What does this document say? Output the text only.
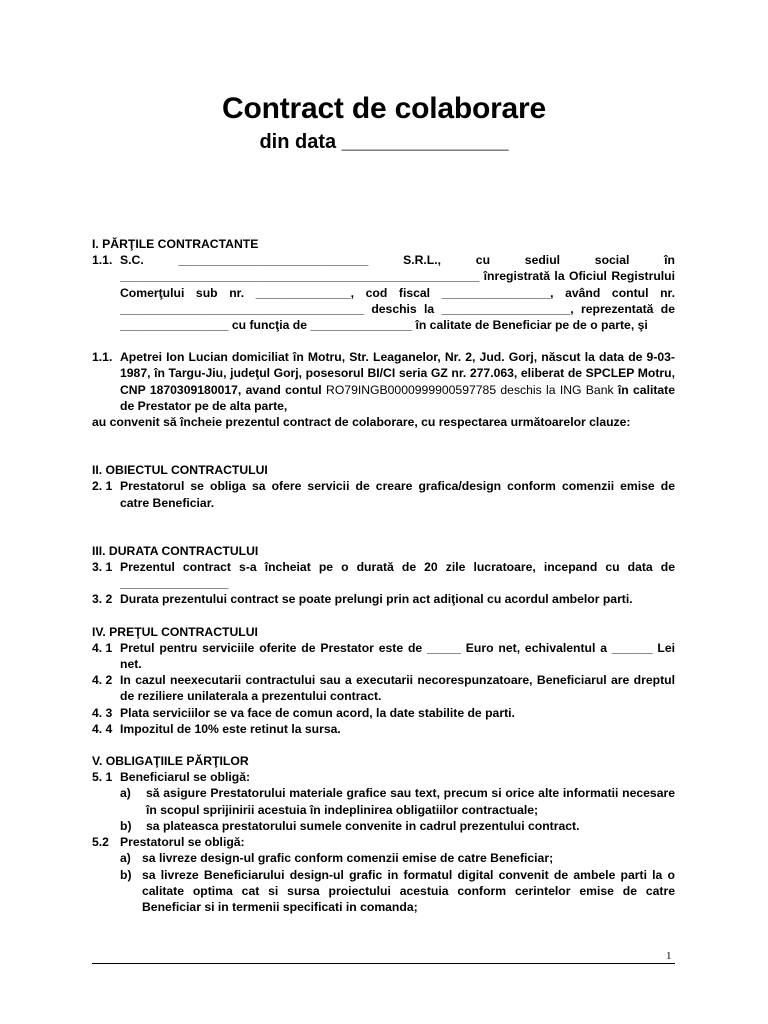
Contract de colaborare
din data _______________

I. PĂRŢILE CONTRACTANTE

1.1. S.C. ____________________________ S.R.L., cu sediul social în _____________________________________________________ înregistrată la Oficiul Registrului Comerţului sub nr. ______________, cod fiscal ________________, având contul nr. ____________________________________ deschis la ___________________, reprezentată de ________________ cu funcţia de _______________ în calitate de Beneficiar pe de o parte, şi
1.1. Apetrei Ion Lucian domiciliat în Motru, Str. Leaganelor, Nr. 2, Jud. Gorj, născut la data de 9-03-1987, în Targu-Jiu, judeţul Gorj, posesorul BI/CI seria GZ nr. 277.063, eliberat de SPCLEP Motru, CNP 1870309180017, avand contul RO79INGB0000999900597785 deschis la ING Bank în calitate de Prestator pe de alta parte,

au convenit să încheie prezentul contract de colaborare, cu respectarea următoarelor clauze:

II. OBIECTUL CONTRACTULUI

2. 1 Prestatorul se obliga sa ofere servicii de creare grafica/design conform comenzii emise de catre Beneficiar.

III. DURATA CONTRACTULUI

3. 1 Prezentul contract s-a încheiat pe o durată de 20 zile lucratoare, incepand cu data de ________________
3. 2 Durata prezentului contract se poate prelungi prin act adiţional cu acordul ambelor parti.

IV. PREŢUL CONTRACTULUI

4. 1 Pretul pentru serviciile oferite de Prestator este de _____ Euro net, echivalentul a ______ Lei net.
4. 2 In cazul neexecutarii contractului sau a executarii necorespunzatoare, Beneficiarul are dreptul de reziliere unilaterala a prezentului contract.
4. 3 Plata serviciilor se va face de comun acord, la date stabilite de parti.
4. 4 Impozitul de 10% este retinut la sursa.

V. OBLIGAŢIILE PĂRŢILOR

5. 1 Beneficiarul se obligă:
a) să asigure Prestatorului materiale grafice sau text, precum si orice alte informatii necesare în scopul sprijinirii acestuia în indeplinirea obligatiilor contractuale;
b) sa plateasca prestatorului sumele convenite in cadrul prezentului contract.
5.2 Prestatorul se obligă:
a) sa livreze design-ul grafic conform comenzii emise de catre Beneficiar;
b) sa livreze Beneficiarului design-ul grafic in formatul digital convenit de ambele parti la o calitate optima cat si sursa proiectului acestuia conform cerintelor emise de catre Beneficiar si in termenii specificati in comanda;
1
